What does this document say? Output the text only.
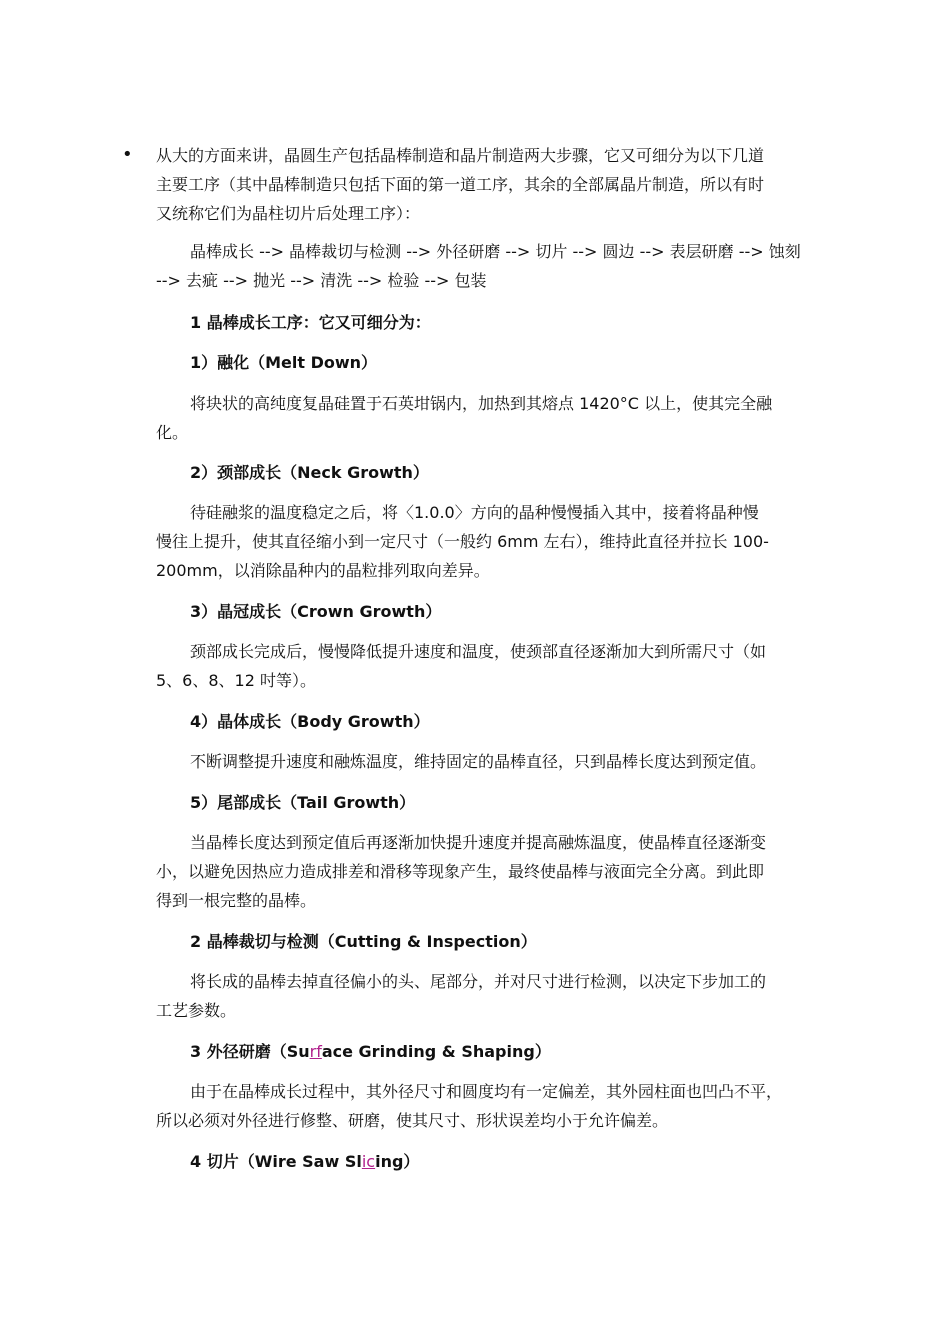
• 从大的方面来讲，晶圆生产包括晶棒制造和晶片制造两大步骤，它又可细分为以下几道

主要工序（其中晶棒制造只包括下面的第一道工序，其余的全部属晶片制造，所以有时

又统称它们为晶柱切片后处理工序）：

晶棒成长 --> 晶棒裁切与检测 --> 外径研磨 --> 切片 --> 圆边 --> 表层研磨 --> 蚀刻

--> 去疵 --> 抛光 --> 清洗 --> 检验 --> 包装

1 晶棒成长工序：它又可细分为：
1）融化（Melt Down）

将块状的高纯度复晶硅置于石英坩锅内，加热到其熔点 1420°C 以上，使其完全融

化。

2）颈部成长（Neck Growth）

待硅融浆的温度稳定之后，将〈1.0.0〉方向的晶种慢慢插入其中，接着将晶种慢

慢往上提升，使其直径缩小到一定尺寸（一般约 6mm 左右），维持此直径并拉长 100-

200mm，以消除晶种内的晶粒排列取向差异。

3）晶冠成长（Crown Growth）

颈部成长完成后，慢慢降低提升速度和温度，使颈部直径逐渐加大到所需尺寸（如

5、6、8、12 吋等）。

4）晶体成长（Body Growth）

不断调整提升速度和融炼温度，维持固定的晶棒直径，只到晶棒长度达到预定值。

5）尾部成长（Tail Growth）

当晶棒长度达到预定值后再逐渐加快提升速度并提高融炼温度，使晶棒直径逐渐变

小，以避免因热应力造成排差和滑移等现象产生，最终使晶棒与液面完全分离。到此即

得到一根完整的晶棒。

2 晶棒裁切与检测（Cutting & Inspection）

将长成的晶棒去掉直径偏小的头、尾部分，并对尺寸进行检测，以决定下步加工的

工艺参数。

3 外径研磨（Surface Grinding & Shaping）

由于在晶棒成长过程中，其外径尺寸和圆度均有一定偏差，其外园柱面也凹凸不平，

所以必须对外径进行修整、研磨，使其尺寸、形状误差均小于允许偏差。

4 切片（Wire Saw Slicing）
